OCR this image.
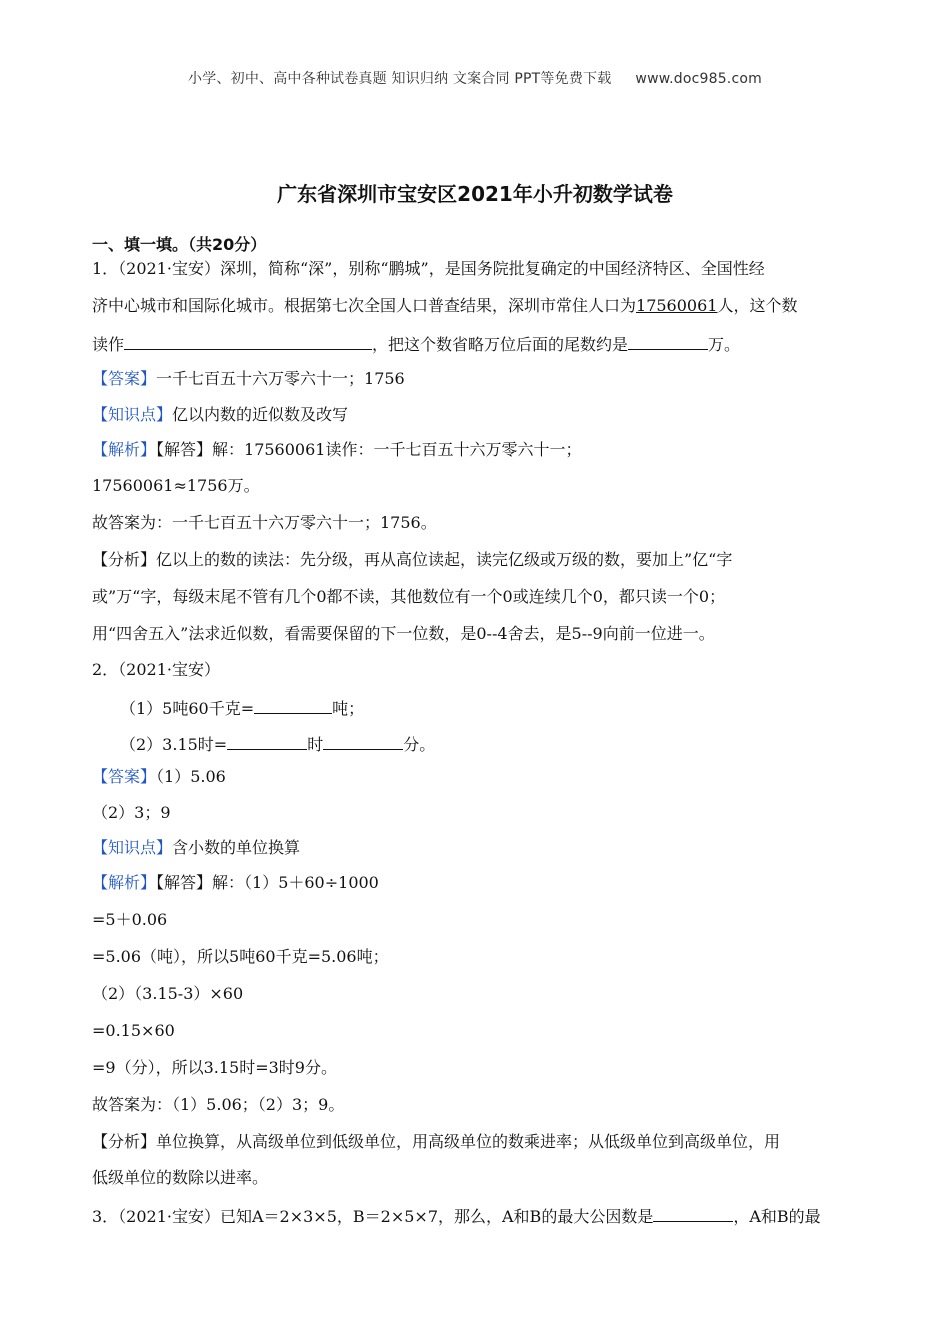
小学、初中、高中各种试卷真题 知识归纳 文案合同 PPT等免费下载 www.doc985.com
广东省深圳市宝安区2021年小升初数学试卷
一、填一填。（共20分）
1．（2021·宝安）深圳，简称“深”，别称“鹏城”，是国务院批复确定的中国经济特区、全国性经
济中心城市和国际化城市。根据第七次全国人口普查结果，深圳市常住人口为17560061人，这个数
读作	，把这个数省略万位后面的尾数约是	万。
【答案】一千七百五十六万零六十一；1756
【知识点】亿以内数的近似数及改写
【解析】【解答】解：17560061读作：一千七百五十六万零六十一；
17560061≈1756万。
故答案为：一千七百五十六万零六十一；1756。
【分析】亿以上的数的读法：先分级，再从高位读起，读完亿级或万级的数，要加上”亿“字
或”万“字，每级末尾不管有几个0都不读，其他数位有一个0或连续几个0，都只读一个0；
用“四舍五入”法求近似数，看需要保留的下一位数，是0--4舍去，是5--9向前一位进一。
2．（2021·宝安）
（1）5吨60千克=	吨；
（2）3.15时=	时	分。
【答案】（1）5.06
（2）3；9
【知识点】含小数的单位换算
【解析】【解答】解：（1）5＋60÷1000
=5＋0.06
=5.06（吨），所以5吨60千克=5.06吨；
（2）（3.15-3）×60
=0.15×60
=9（分），所以3.15时=3时9分。
故答案为：（1）5.06；（2）3；9。
【分析】单位换算，从高级单位到低级单位，用高级单位的数乘进率；从低级单位到高级单位，用
低级单位的数除以进率。
3．（2021·宝安）已知A＝2×3×5，B＝2×5×7，那么，A和B的最大公因数是	，A和B的最
